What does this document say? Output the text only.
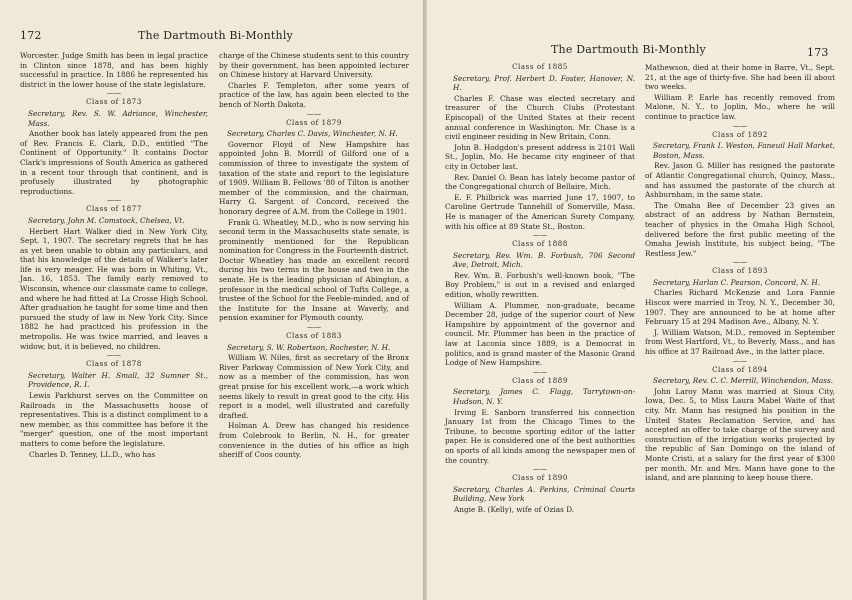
172	The Dartmouth Bi-Monthly

Worcester. Judge Smith has been in legal practice in Clinton since 1878, and has been highly successful in practice. In 1886 he represented his district in the lower house of the state legislature.

——

Class of 1873

Secretary, Rev. S. W. Adriance, Winchester, Mass.

Another book has lately appeared from the pen of Rev. Francis E. Clark, D.D., entitled "The Continent of Opportunity." It contains Doctor Clark's impressions of South America as gathered in a recent tour through that continent, and is profusely illustrated by photographic reproductions.

——

Class of 1877

Secretary, John M. Comstock, Chelsea, Vt.

Herbert Hart Walker died in New York City, Sept. 1, 1907. The secretary regrets that he has as yet been unable to obtain any particulars, and that his knowledge of the details of Walker's later life is very meager. He was born in Whiting, Vt., Jan. 16, 1853. The family early removed to Wisconsin, whence our classmate came to college, and where he had fitted at La Crosse High School. After graduation he taught for some time and then pursued the study of law in New York City. Since 1882 he had practiced his profession in the metropolis. He was twice married, and leaves a widow, but, it is believed, no children.

——

Class of 1878

Secretary, Walter H. Small, 32 Sumner St., Providence, R. I.

Lewis Parkhurst serves on the Committee on Railroads in the Massachusetts house of representatives. This is a distinct compliment to a new member, as this committee has before it the "merger" question, one of the most important matters to come before the legislature.

Charles D. Tenney, LL.D., who has

charge of the Chinese students sent to this country by their government, has been appointed lecturer on Chinese history at Harvard University.

Charles F. Templeton, after some years of practice of the law, has again been elected to the bench of North Dakota.

——

Class of 1879

Secretary, Charles C. Davis, Winchester, N. H.

Governor Floyd of New Hampshire has appointed John B. Morrill of Gilford one of a commission of three to investigate the system of taxation of the state and report to the legislature of 1909. William B. Fellows '80 of Tilton is another member of the commission, and the chairman, Harry G. Sargent of Concord, received the honorary degree of A.M. from the College in 1901.

Frank G. Wheatley, M.D., who is now serving his second term in the Massachusetts state senate, is prominently mentioned for the Republican nomination for Congress in the Fourteenth district. Doctor Wheatley has made an excellent record during his two terms in the house and two in the senate. He is the leading physician of Abington, a professor in the medical school of Tufts College, a trustee of the School for the Feeble-minded, and of the Institute for the Insane at Waverly, and pension examiner for Plymouth county.

——

Class of 1883

Secretary, S. W. Robertson, Rochester, N. H.

William W. Niles, first as secretary of the Bronx River Parkway Commission of New York City, and now as a member of the commission, has won great praise for his excellent work,—a work which seems likely to result in great good to the city. His report is a model, well illustrated and carefully drafted.

Holman A. Drew has changed his residence from Colebrook to Berlin, N. H., for greater convenience in the duties of his office as high sheriff of Coos county.

The Dartmouth Bi-Monthly	173

Class of 1885

Secretary, Prof. Herbert D. Foster, Hanover, N. H.

Charles F. Chase was elected secretary and treasurer of the Church Clubs (Protestant Episcopal) of the United States at their recent annual conference in Washington. Mr. Chase is a civil engineer residing in New Britain, Conn.

John B. Hodgdon's present address is 2101 Wall St., Joplin, Mo. He became city engineer of that city in October last.

Rev. Daniel O. Bean has lately become pastor of the Congregational church of Bellaire, Mich.

E. F. Philbrick was married June 17, 1907, to Caroline Gertrude Tannehill of Somerville, Mass. He is manager of the American Surety Company, with his office at 89 State St., Boston.

——

Class of 1888

Secretary, Rev. Wm. B. Forbush, 706 Second Ave, Detroit, Mich.

Rev. Wm. B. Forbush's well-known book, "The Boy Problem," is out in a revised and enlarged edition, wholly rewritten.

William A. Plummer, non-graduate, became December 28, judge of the superior court of New Hampshire by appointment of the governor and council. Mr. Plummer has been in the practice of law at Laconia since 1889, is a Democrat in politics, and is grand master of the Masonic Grand Lodge of New Hampshire.

——

Class of 1889

Secretary, James C. Flagg, Tarrytown-on-Hudson, N. Y.

Irving E. Sanborn transferred his connection January 1st from the Chicago Times to the Tribune, to become sporting editor of the latter paper. He is considered one of the best authorities on sports of all kinds among the newspaper men of the country.

——

Class of 1890

Secretary, Charles A. Perkins, Criminal Courts Building, New York

Angie B. (Kelly), wife of Ozias D.

Mathewson, died at their home in Barre, Vt., Sept. 21, at the age of thirty-five. She had been ill about two weeks.

William P. Earle has recently removed from Malone, N. Y., to Joplin, Mo., where he will continue to practice law.

——

Class of 1892

Secretary, Frank I. Weston, Faneuil Hall Market, Boston, Mass.

Rev. Jason G. Miller has resigned the pastorate of Atlantic Congregational church, Quincy, Mass., and has assumed the pastorate of the church at Ashburnham, in the same state.

The Omaha Bee of December 23 gives an abstract of an address by Nathan Bernstein, teacher of physics in the Omaha High School, delivered before the first public meeting of the Omaha Jewish Institute, his subject being, "The Restless Jew."

——

Class of 1893

Secretary, Harlan C. Pearson, Concord, N. H.

Charles Richard McKenzie and Lora Fannie Hiscox were married in Troy, N. Y., December 30, 1907. They are announced to be at home after February 15 at 294 Madison Ave., Albany, N. Y.

J. William Watson, M.D., removed in September from West Hartford, Vt., to Beverly, Mass., and has his office at 37 Railroad Ave., in the latter place.

——

Class of 1894

Secretary, Rev. C. C. Merrill, Winchendon, Mass.

John Laroy Mann was married at Sioux City, Iowa, Dec. 5, to Miss Laura Mabel Waite of that city. Mr. Mann has resigned his position in the United States Reclamation Service, and has accepted an offer to take charge of the survey and construction of the irrigation works projected by the republic of San Domingo on the island of Monte Cristi, at a salary for the first year of $300 per month. Mr. and Mrs. Mann have gone to the island, and are planning to keep house there.
